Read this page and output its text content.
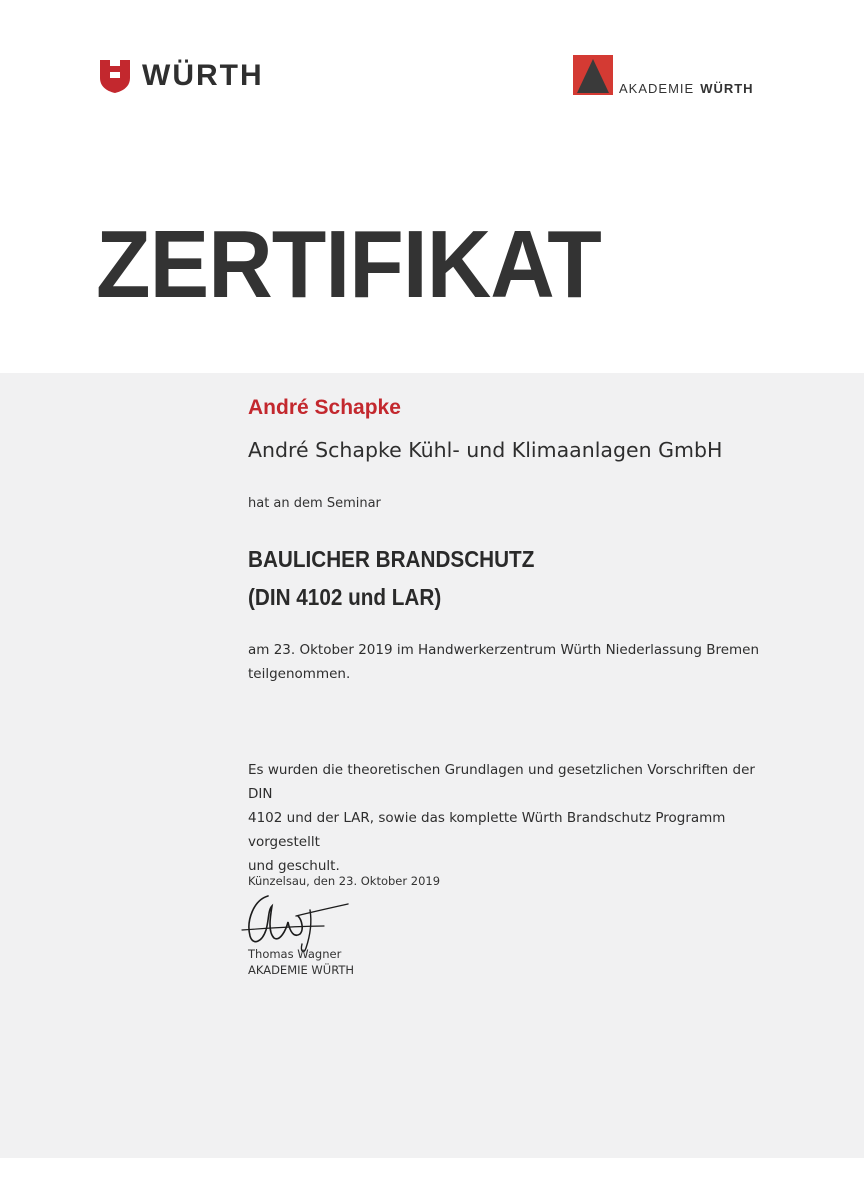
WÜRTH	AKADEMIE WÜRTH
ZERTIFIKAT
André Schapke
André Schapke Kühl- und Klimaanlagen GmbH
hat an dem Seminar
BAULICHER BRANDSCHUTZ
(DIN 4102 und LAR)
am 23. Oktober 2019 im Handwerkerzentrum Würth Niederlassung Bremen
teilgenommen.
Es wurden die theoretischen Grundlagen und gesetzlichen Vorschriften der DIN
4102 und der LAR, sowie das komplette Würth Brandschutz Programm vorgestellt
und geschult.
Künzelsau, den 23. Oktober 2019
Thomas Wagner
AKADEMIE WÜRTH
